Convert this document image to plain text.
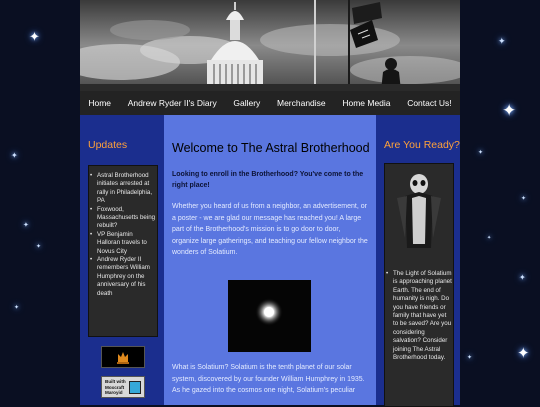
✦
✦
✦
✦
✦
✦
✦
✦
✦
✦
✦
✦
✦
Home Andrew Ryder II's Diary Gallery Merchandise Home Media Contact Us!
Updates
• Astral Brotherhood initiates arrested at rally in Philadelphia, PA
• Foxwood, Massachusetts being rebuilt?
• VP Benjamin Halloran travels to Novus City
• Andrew Ryder II remembers William Humphrey on the anniversary of his death
Built with Moxcraft Maroyid
Welcome to The Astral Brotherhood
Looking to enroll in the Brotherhood? You've come to the right place!
Whether you heard of us from a neighbor, an advertisement, or a poster - we are glad our message has reached you! A large part of the Brotherhood's mission is to go door to door, organize large gatherings, and teaching our fellow neighbor the wonders of Solatium.
What is Solatium? Solatium is the tenth planet of our solar system, discovered by our founder William Humphrey in 1935. As he gazed into the cosmos one night, Solatium's peculiar
Are You Ready?
• The Light of Solatium is approaching planet Earth. The end of humanity is nigh. Do you have friends or family that have yet to be saved? Are you considering salvation? Consider joining The Astral Brotherhood today.
